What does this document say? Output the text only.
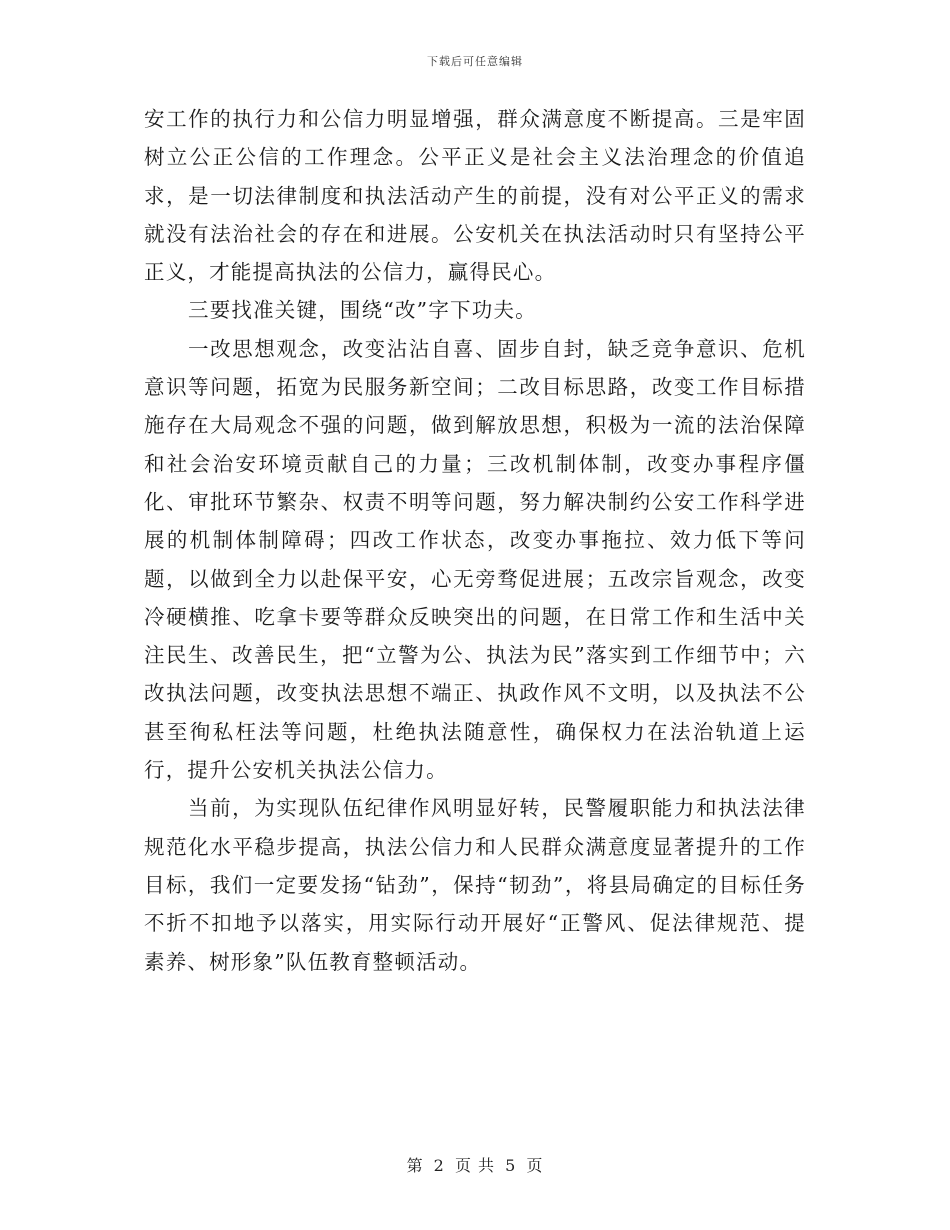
下载后可任意编辑

安工作的执行力和公信力明显增强，群众满意度不断提高。三是牢固树立公正公信的工作理念。公平正义是社会主义法治理念的价值追求，是一切法律制度和执法活动产生的前提，没有对公平正义的需求就没有法治社会的存在和进展。公安机关在执法活动时只有坚持公平正义，才能提高执法的公信力，赢得民心。

三要找准关键，围绕“改”字下功夫。

一改思想观念，改变沾沾自喜、固步自封，缺乏竞争意识、危机意识等问题，拓宽为民服务新空间；二改目标思路，改变工作目标措施存在大局观念不强的问题，做到解放思想，积极为一流的法治保障和社会治安环境贡献自己的力量；三改机制体制，改变办事程序僵化、审批环节繁杂、权责不明等问题，努力解决制约公安工作科学进展的机制体制障碍；四改工作状态，改变办事拖拉、效力低下等问题，以做到全力以赴保平安，心无旁骛促进展；五改宗旨观念，改变冷硬横推、吃拿卡要等群众反映突出的问题，在日常工作和生活中关注民生、改善民生，把“立警为公、执法为民”落实到工作细节中；六改执法问题，改变执法思想不端正、执政作风不文明，以及执法不公甚至徇私枉法等问题，杜绝执法随意性，确保权力在法治轨道上运行，提升公安机关执法公信力。

当前，为实现队伍纪律作风明显好转，民警履职能力和执法法律规范化水平稳步提高，执法公信力和人民群众满意度显著提升的工作目标，我们一定要发扬“钻劲”，保持“韧劲”，将县局确定的目标任务不折不扣地予以落实，用实际行动开展好“正警风、促法律规范、提素养、树形象”队伍教育整顿活动。

第 2 页 共 5 页
